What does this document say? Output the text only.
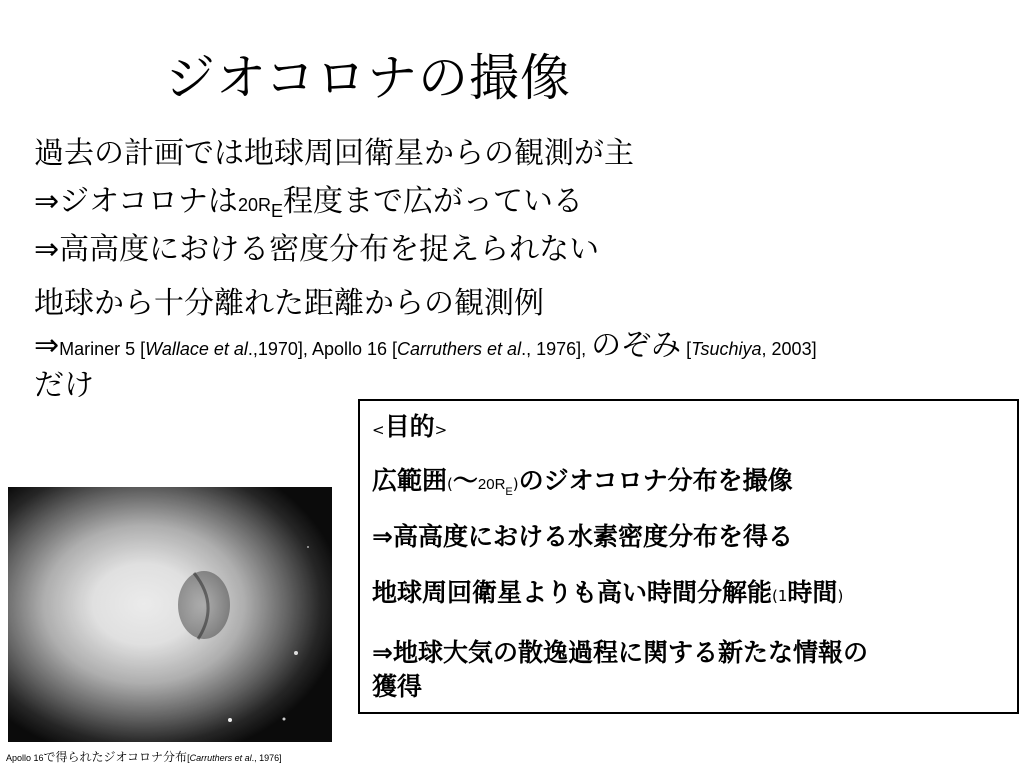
ジオコロナの撮像
過去の計画では地球周回衛星からの観測が主
⇒ジオコロナは$20R_E$程度まで広がっている
⇒高高度における密度分布を捉えられない
地球から十分離れた距離からの観測例
⇒Mariner 5 [Wallace et al.,1970], Apollo 16 [Carruthers et al., 1976], のぞみ [Tsuchiya, 2003]
だけ
<目的>
広範囲(〜$20R_E$)のジオコロナ分布を撮像
⇒高高度における水素密度分布を得る
地球周回衛星よりも高い時間分解能(1時間)
⇒地球大気の散逸過程に関する新たな情報の
獲得
Apollo 16で得られたジオコロナ分布[Carruthers et al., 1976]
